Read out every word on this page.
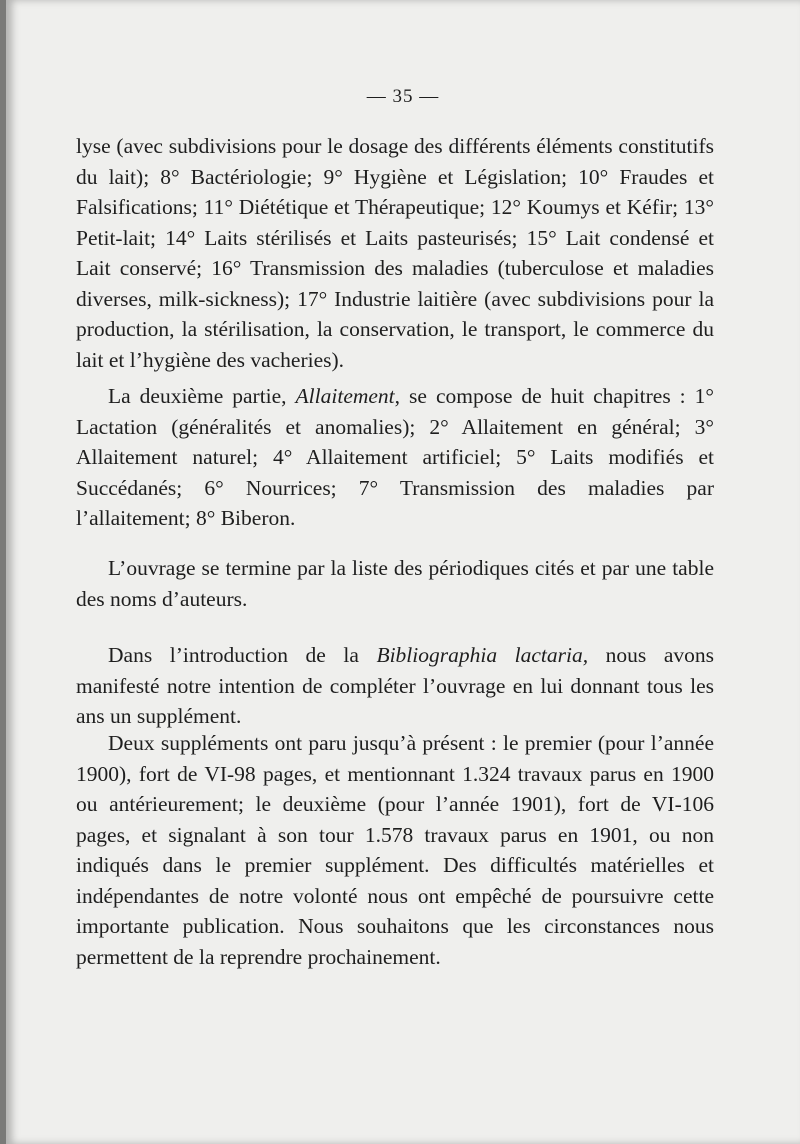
— 35 —

lyse (avec subdivisions pour le dosage des différents éléments constitutifs du lait); 8° Bactériologie; 9° Hygiène et Législation; 10° Fraudes et Falsifications; 11° Diététique et Thérapeutique; 12° Koumys et Kéfir; 13° Petit-lait; 14° Laits stérilisés et Laits pasteurisés; 15° Lait condensé et Lait conservé; 16° Transmission des maladies (tuberculose et maladies diverses, milk-sickness); 17° Industrie laitière (avec subdivisions pour la production, la stérilisation, la conservation, le transport, le commerce du lait et l’hygiène des vacheries).

La deuxième partie, Allaitement, se compose de huit chapitres : 1° Lactation (généralités et anomalies); 2° Allaitement en général; 3° Allaitement naturel; 4° Allaitement artificiel; 5° Laits modifiés et Succédanés; 6° Nourrices; 7° Transmission des maladies par l’allaitement; 8° Biberon.

L’ouvrage se termine par la liste des périodiques cités et par une table des noms d’auteurs.

Dans l’introduction de la Bibliographia lactaria, nous avons manifesté notre intention de compléter l’ouvrage en lui donnant tous les ans un supplément.

Deux suppléments ont paru jusqu’à présent : le premier (pour l’année 1900), fort de VI-98 pages, et mentionnant 1.324 travaux parus en 1900 ou antérieurement; le deuxième (pour l’année 1901), fort de VI-106 pages, et signalant à son tour 1.578 travaux parus en 1901, ou non indiqués dans le premier supplément. Des difficultés matérielles et indépendantes de notre volonté nous ont empêché de poursuivre cette importante publication. Nous souhaitons que les circonstances nous permettent de la reprendre prochainement.
